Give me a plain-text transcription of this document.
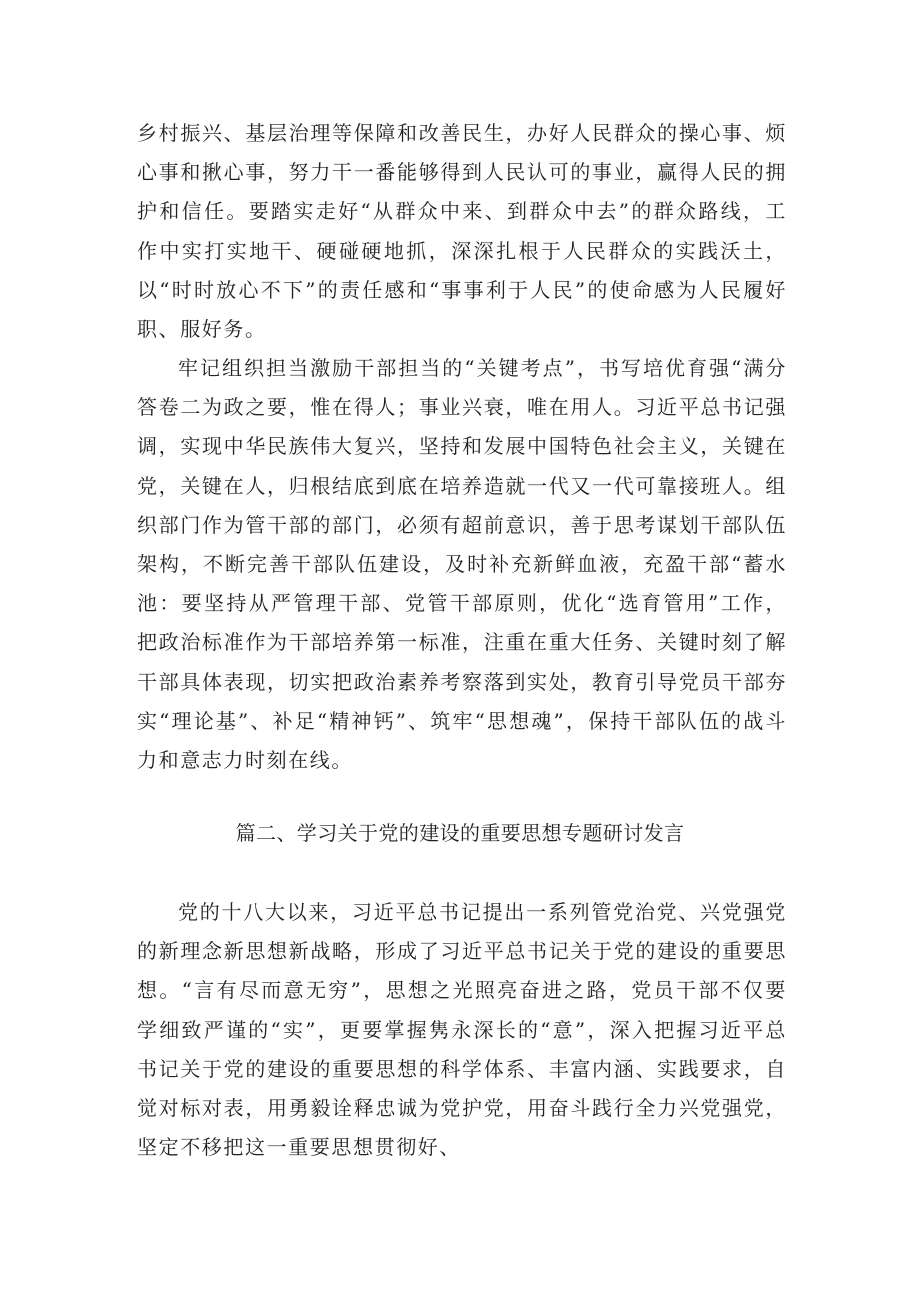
乡村振兴、基层治理等保障和改善民生，办好人民群众的操心事、烦心事和揪心事，努力干一番能够得到人民认可的事业，赢得人民的拥护和信任。要踏实走好“从群众中来、到群众中去”的群众路线，工作中实打实地干、硬碰硬地抓，深深扎根于人民群众的实践沃土，以“时时放心不下”的责任感和“事事利于人民”的使命感为人民履好职、服好务。

牢记组织担当激励干部担当的“关键考点”，书写培优育强“满分答卷二为政之要，惟在得人；事业兴衰，唯在用人。习近平总书记强调，实现中华民族伟大复兴，坚持和发展中国特色社会主义，关键在党，关键在人，归根结底到底在培养造就一代又一代可靠接班人。组织部门作为管干部的部门，必须有超前意识，善于思考谋划干部队伍架构，不断完善干部队伍建设，及时补充新鲜血液，充盈干部“蓄水池：要坚持从严管理干部、党管干部原则，优化“选育管用”工作，把政治标准作为干部培养第一标准，注重在重大任务、关键时刻了解干部具体表现，切实把政治素养考察落到实处，教育引导党员干部夯实“理论基”、补足“精神钙”、筑牢“思想魂”，保持干部队伍的战斗力和意志力时刻在线。

篇二、学习关于党的建设的重要思想专题研讨发言

党的十八大以来，习近平总书记提出一系列管党治党、兴党强党的新理念新思想新战略，形成了习近平总书记关于党的建设的重要思想。“言有尽而意无穷”，思想之光照亮奋进之路，党员干部不仅要学细致严谨的“实”，更要掌握隽永深长的“意”，深入把握习近平总书记关于党的建设的重要思想的科学体系、丰富内涵、实践要求，自觉对标对表，用勇毅诠释忠诚为党护党，用奋斗践行全力兴党强党，坚定不移把这一重要思想贯彻好、
